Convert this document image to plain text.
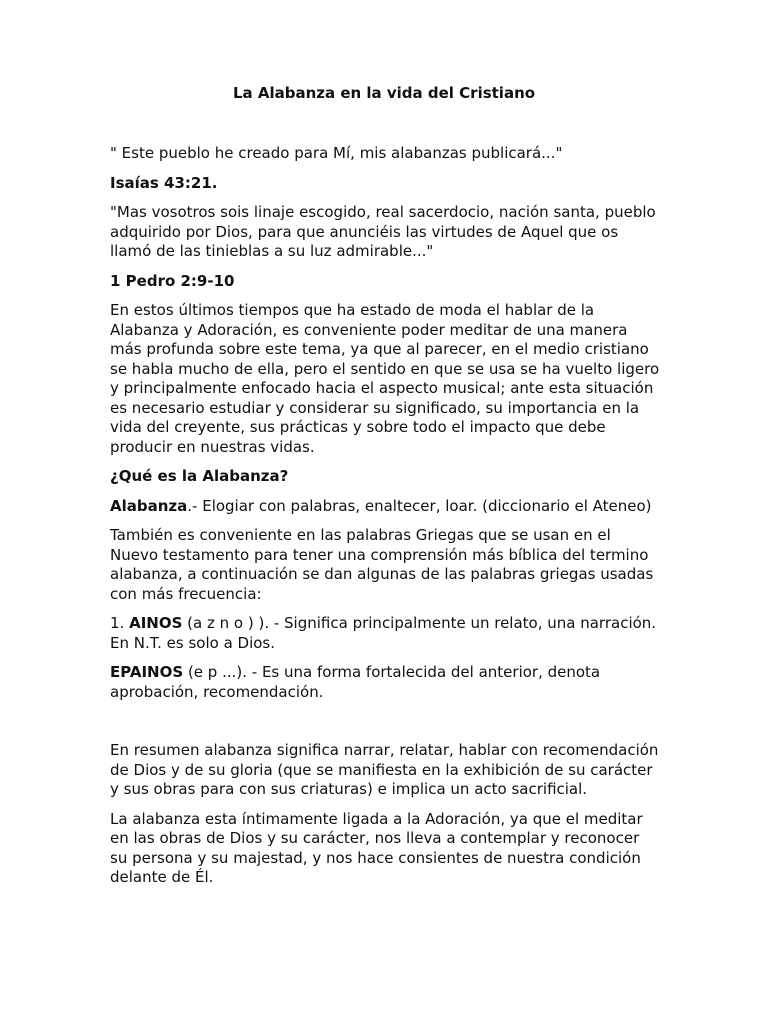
La Alabanza en la vida del Cristiano

" Este pueblo he creado para Mí, mis alabanzas publicará..."

Isaías 43:21.

"Mas vosotros sois linaje escogido, real sacerdocio, nación santa, pueblo adquirido por Dios, para que anunciéis las virtudes de Aquel que os llamó de las tinieblas a su luz admirable..."

1 Pedro 2:9-10

En estos últimos tiempos que ha estado de moda el hablar de la Alabanza y Adoración, es conveniente poder meditar de una manera más profunda sobre este tema, ya que al parecer, en el medio cristiano se habla mucho de ella, pero el sentido en que se usa se ha vuelto ligero y principalmente enfocado hacia el aspecto musical; ante esta situación es necesario estudiar y considerar su significado, su importancia en la vida del creyente, sus prácticas y sobre todo el impacto que debe producir en nuestras vidas.

¿Qué es la Alabanza?

Alabanza.- Elogiar con palabras, enaltecer, loar. (diccionario el Ateneo)

También es conveniente en las palabras Griegas que se usan en el Nuevo testamento para tener una comprensión más bíblica del termino alabanza, a continuación se dan algunas de las palabras griegas usadas con más frecuencia:

1. AINOS (a z n o ) ). - Significa principalmente un relato, una narración. En N.T. es solo a Dios.

EPAINOS (e p ...). - Es una forma fortalecida del anterior, denota aprobación, recomendación.

En resumen alabanza significa narrar, relatar, hablar con recomendación de Dios y de su gloria (que se manifiesta en la exhibición de su carácter y sus obras para con sus criaturas) e implica un acto sacrificial.

La alabanza esta íntimamente ligada a la Adoración, ya que el meditar en las obras de Dios y su carácter, nos lleva a contemplar y reconocer su persona y su majestad, y nos hace consientes de nuestra condición delante de Él.
